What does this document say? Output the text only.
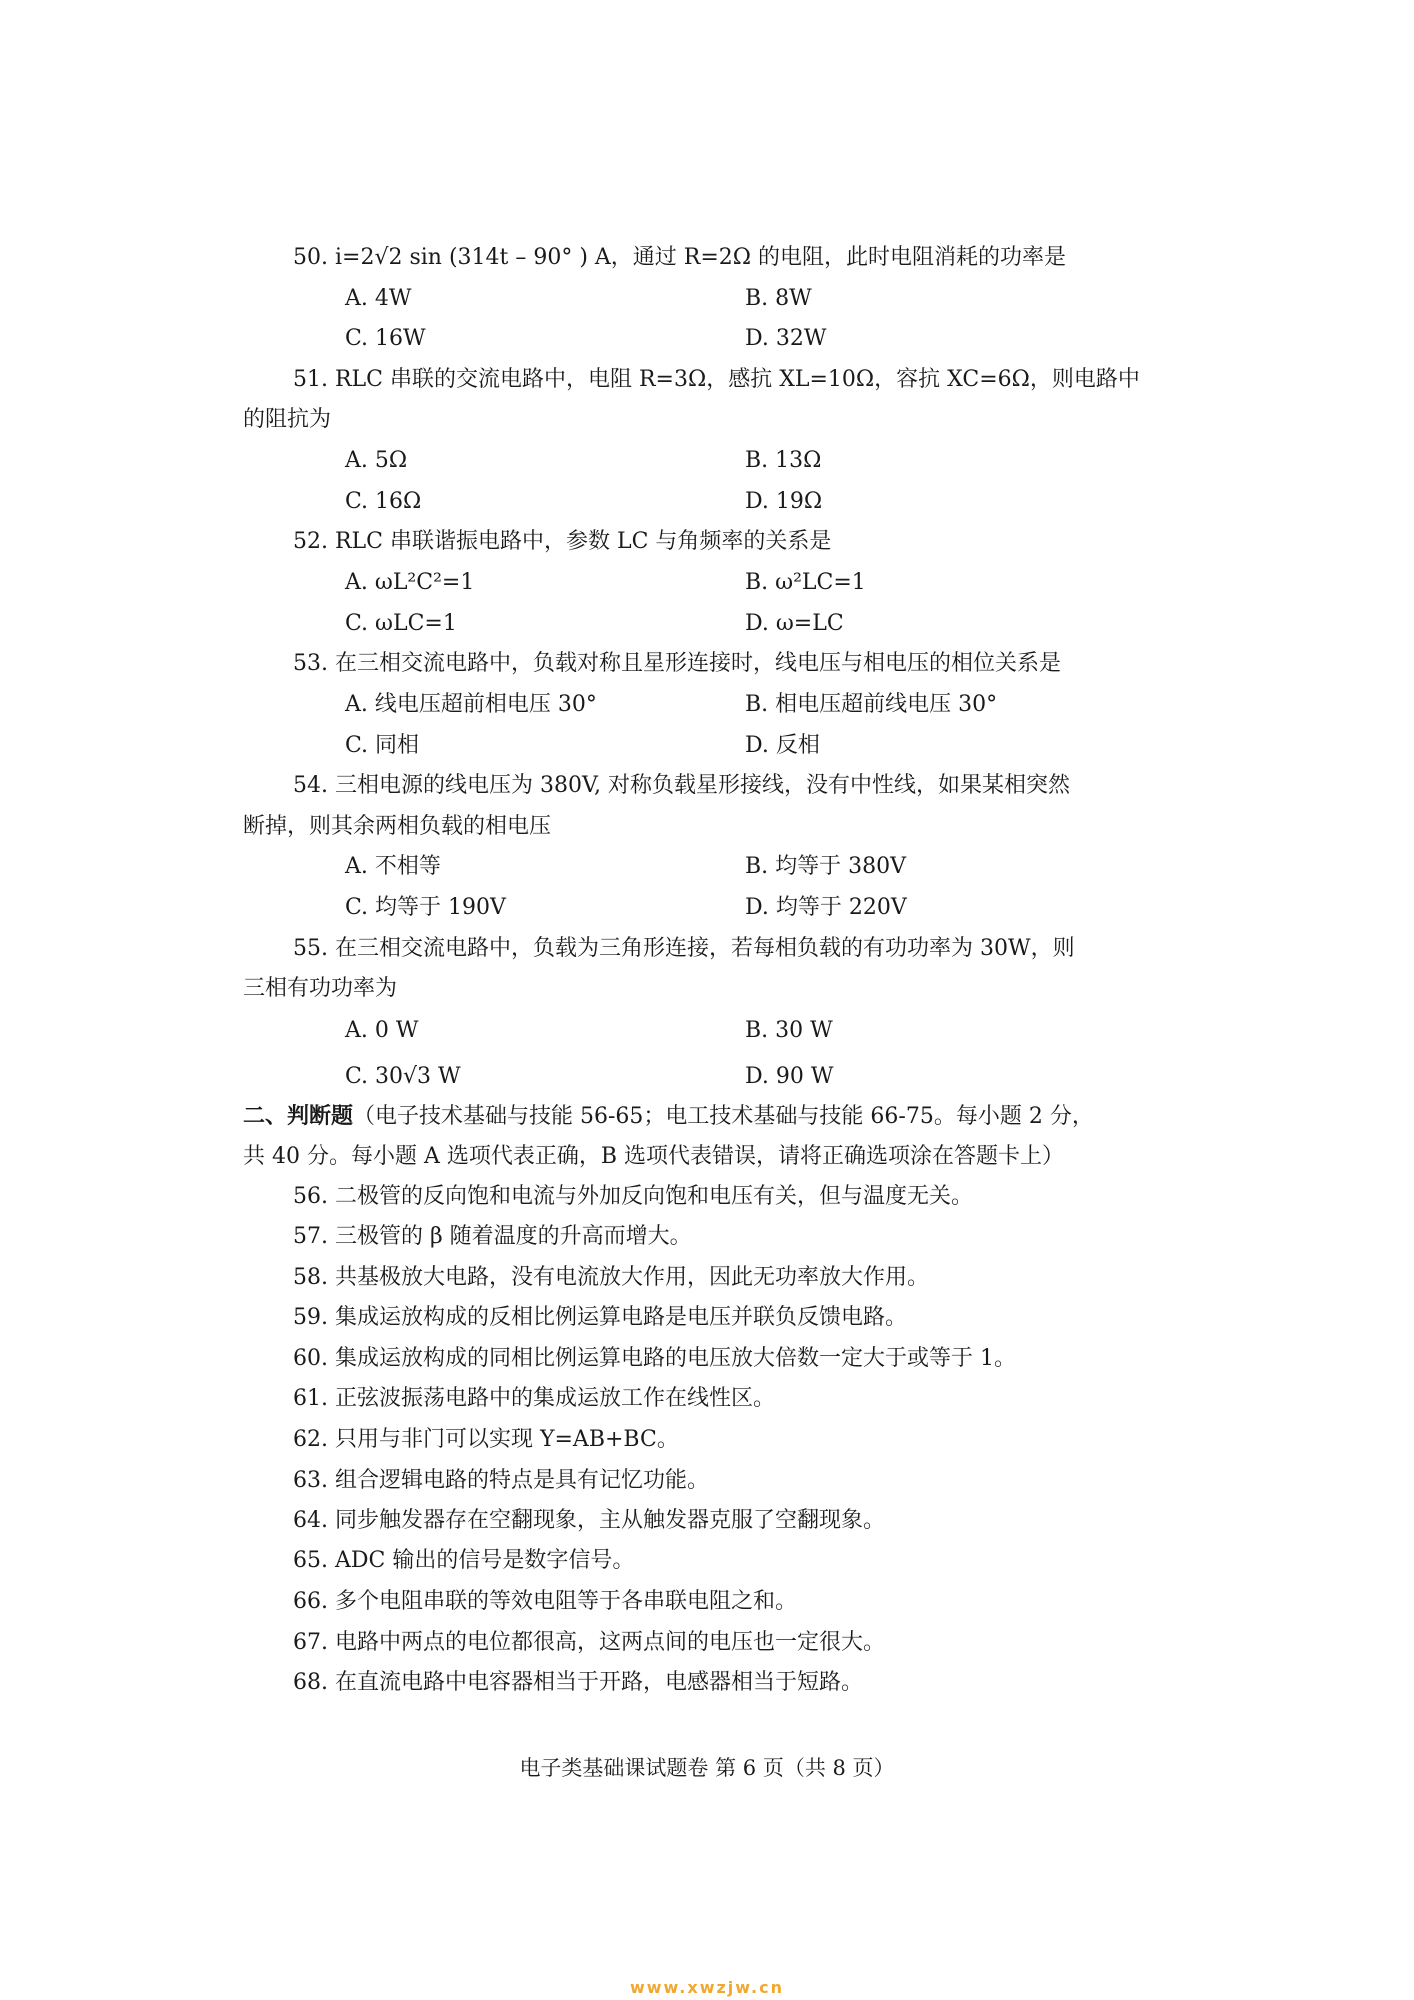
50. i=2√2 sin (314t – 90° ) A，通过 R=2Ω 的电阻，此时电阻消耗的功率是
A. 4W	B. 8W
C. 16W	D. 32W
51. RLC 串联的交流电路中，电阻 R=3Ω，感抗 XL=10Ω，容抗 XC=6Ω，则电路中
的阻抗为
A. 5Ω	B. 13Ω
C. 16Ω	D. 19Ω
52. RLC 串联谐振电路中，参数 LC 与角频率的关系是
A. ωL²C²=1	B. ω²LC=1
C. ωLC=1	D. ω=LC
53. 在三相交流电路中，负载对称且星形连接时，线电压与相电压的相位关系是
A. 线电压超前相电压 30°	B. 相电压超前线电压 30°
C. 同相	D. 反相
54. 三相电源的线电压为 380V, 对称负载星形接线，没有中性线，如果某相突然
断掉，则其余两相负载的相电压
A. 不相等	B. 均等于 380V
C. 均等于 190V	D. 均等于 220V
55. 在三相交流电路中，负载为三角形连接，若每相负载的有功功率为 30W，则
三相有功功率为
A. 0 W	B. 30 W
C. 30√3 W	D. 90 W
二、判断题（电子技术基础与技能 56-65；电工技术基础与技能 66-75。每小题 2 分，
共 40 分。每小题 A 选项代表正确，B 选项代表错误，请将正确选项涂在答题卡上）
56. 二极管的反向饱和电流与外加反向饱和电压有关，但与温度无关。
57. 三极管的 β 随着温度的升高而增大。
58. 共基极放大电路，没有电流放大作用，因此无功率放大作用。
59. 集成运放构成的反相比例运算电路是电压并联负反馈电路。
60. 集成运放构成的同相比例运算电路的电压放大倍数一定大于或等于 1。
61. 正弦波振荡电路中的集成运放工作在线性区。
62. 只用与非门可以实现 Y=AB+BC。
63. 组合逻辑电路的特点是具有记忆功能。
64. 同步触发器存在空翻现象，主从触发器克服了空翻现象。
65. ADC 输出的信号是数字信号。
66. 多个电阻串联的等效电阻等于各串联电阻之和。
67. 电路中两点的电位都很高，这两点间的电压也一定很大。
68. 在直流电路中电容器相当于开路，电感器相当于短路。
电子类基础课试题卷 第 6 页（共 8 页）
www.xwzjw.cn
